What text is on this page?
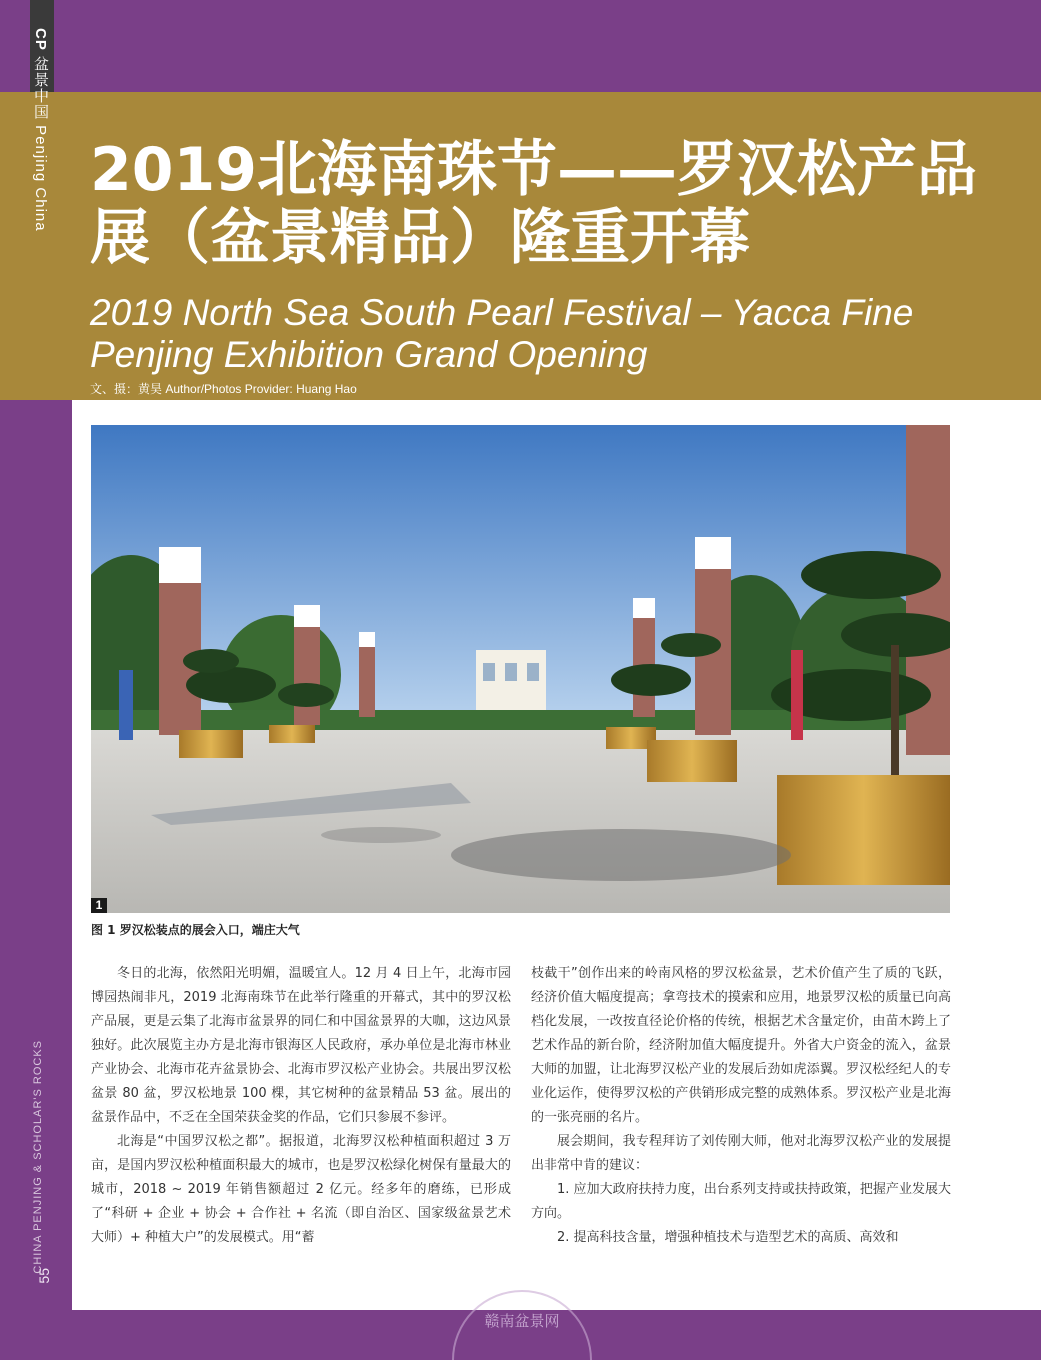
CP 盆景中国 Penjing China
CHINA PENJING & SCHOLAR'S ROCKS
55
2019北海南珠节——罗汉松产品展（盆景精品）隆重开幕
2019 North Sea South Pearl Festival – Yacca Fine Penjing Exhibition Grand Opening
文、摄：黄昊 Author/Photos Provider: Huang Hao
1
图 1 罗汉松装点的展会入口，端庄大气

冬日的北海，依然阳光明媚，温暖宜人。12 月 4 日上午，北海市园博园热闹非凡，2019 北海南珠节在此举行隆重的开幕式，其中的罗汉松产品展，更是云集了北海市盆景界的同仁和中国盆景界的大咖，这边风景独好。此次展览主办方是北海市银海区人民政府，承办单位是北海市林业产业协会、北海市花卉盆景协会、北海市罗汉松产业协会。共展出罗汉松盆景 80 盆，罗汉松地景 100 棵，其它树种的盆景精品 53 盆。展出的盆景作品中，不乏在全国荣获金奖的作品，它们只参展不参评。

北海是“中国罗汉松之都”。据报道，北海罗汉松种植面积超过 3 万亩，是国内罗汉松种植面积最大的城市，也是罗汉松绿化树保有量最大的城市，2018 ~ 2019 年销售额超过 2 亿元。经多年的磨练，已形成了“科研 + 企业 + 协会 + 合作社 + 名流（即自治区、国家级盆景艺术大师）+ 种植大户”的发展模式。用“蓄

枝截干”创作出来的岭南风格的罗汉松盆景，艺术价值产生了质的飞跃，经济价值大幅度提高；拿弯技术的摸索和应用，地景罗汉松的质量已向高档化发展，一改按直径论价格的传统，根据艺术含量定价，由苗木跨上了艺术作品的新台阶，经济附加值大幅度提升。外省大户资金的流入，盆景大师的加盟，让北海罗汉松产业的发展后劲如虎添翼。罗汉松经纪人的专业化运作，使得罗汉松的产供销形成完整的成熟体系。罗汉松产业是北海的一张亮丽的名片。

展会期间，我专程拜访了刘传刚大师，他对北海罗汉松产业的发展提出非常中肯的建议：

1. 应加大政府扶持力度，出台系列支持或扶持政策，把握产业发展大方向。

2. 提高科技含量，增强种植技术与造型艺术的高质、高效和

赣南盆景网
